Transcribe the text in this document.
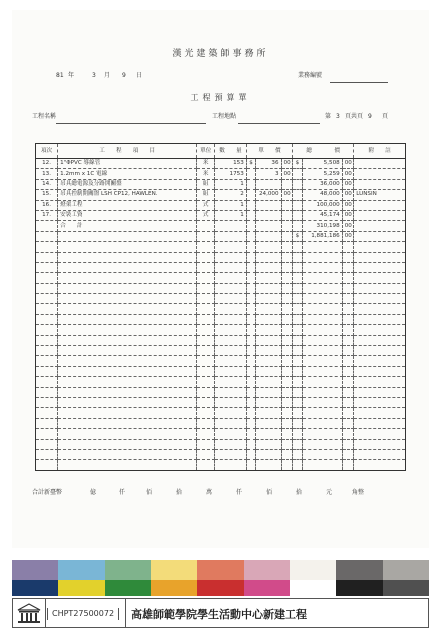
漢光建築師事務所
81 年	3 月 9 日	業務編號
工程預算單
工程名稱	工程地點	第 3 頁共頁 9 頁
項次	工　　程　　項　　目	單位	數　　量	單　　價			總　　　　價			附　　註
12.	1"ΦPVC 導線管	米	153	$	36	00	$	5,508	00	
13.	1.2mm x 1C 電線	米	1753		3	00		5,259	00	
14.	吊具總電源及分路開關盤	組	1					36,000	00	
15.	吊具控制開關盤 LSH CP12, HAWLEN.	組	2		24,000	00		48,000	00	LUNSIN
16.	燈架工程	式	1					100,000	00	
17.	安裝工資	式	1					45,174	00	
	合　　計							310,198	00	
							$	1,881,186	00	

合計新臺幣	億	仟	佰	拾	萬	仟	佰	拾	元	角整
CHPT27500072	高雄師範學院學生活動中心新建工程
